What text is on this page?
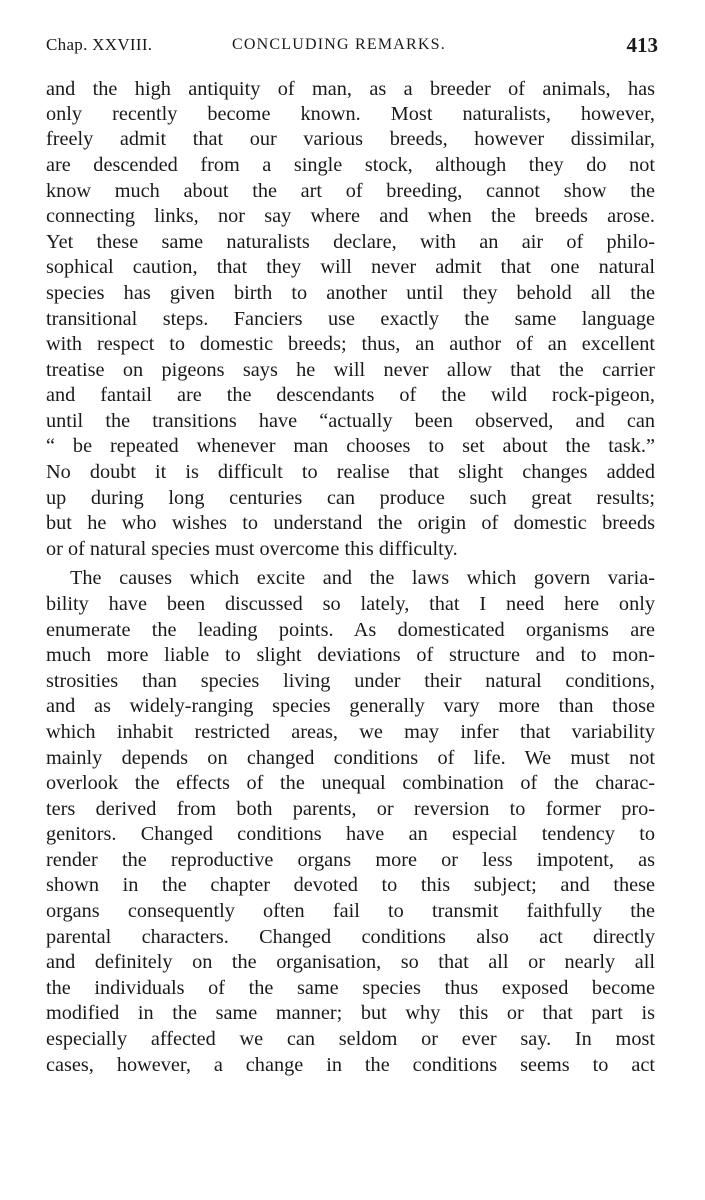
Chap. XXVIII.	CONCLUDING REMARKS.	413
and the high antiquity of man, as a breeder of animals, has
only recently become known. Most naturalists, however,
freely admit that our various breeds, however dissimilar,
are descended from a single stock, although they do not
know much about the art of breeding, cannot show the
connecting links, nor say where and when the breeds arose.
Yet these same naturalists declare, with an air of philo-
sophical caution, that they will never admit that one natural
species has given birth to another until they behold all the
transitional steps. Fanciers use exactly the same language
with respect to domestic breeds; thus, an author of an excellent
treatise on pigeons says he will never allow that the carrier
and fantail are the descendants of the wild rock-pigeon,
until the transitions have “actually been observed, and can
“ be repeated whenever man chooses to set about the task.”
No doubt it is difficult to realise that slight changes added
up during long centuries can produce such great results;
but he who wishes to understand the origin of domestic breeds
or of natural species must overcome this difficulty.
The causes which excite and the laws which govern varia-
bility have been discussed so lately, that I need here only
enumerate the leading points. As domesticated organisms are
much more liable to slight deviations of structure and to mon-
strosities than species living under their natural conditions,
and as widely-ranging species generally vary more than those
which inhabit restricted areas, we may infer that variability
mainly depends on changed conditions of life. We must not
overlook the effects of the unequal combination of the charac-
ters derived from both parents, or reversion to former pro-
genitors. Changed conditions have an especial tendency to
render the reproductive organs more or less impotent, as
shown in the chapter devoted to this subject; and these
organs consequently often fail to transmit faithfully the
parental characters. Changed conditions also act directly
and definitely on the organisation, so that all or nearly all
the individuals of the same species thus exposed become
modified in the same manner; but why this or that part is
especially affected we can seldom or ever say. In most
cases, however, a change in the conditions seems to act
